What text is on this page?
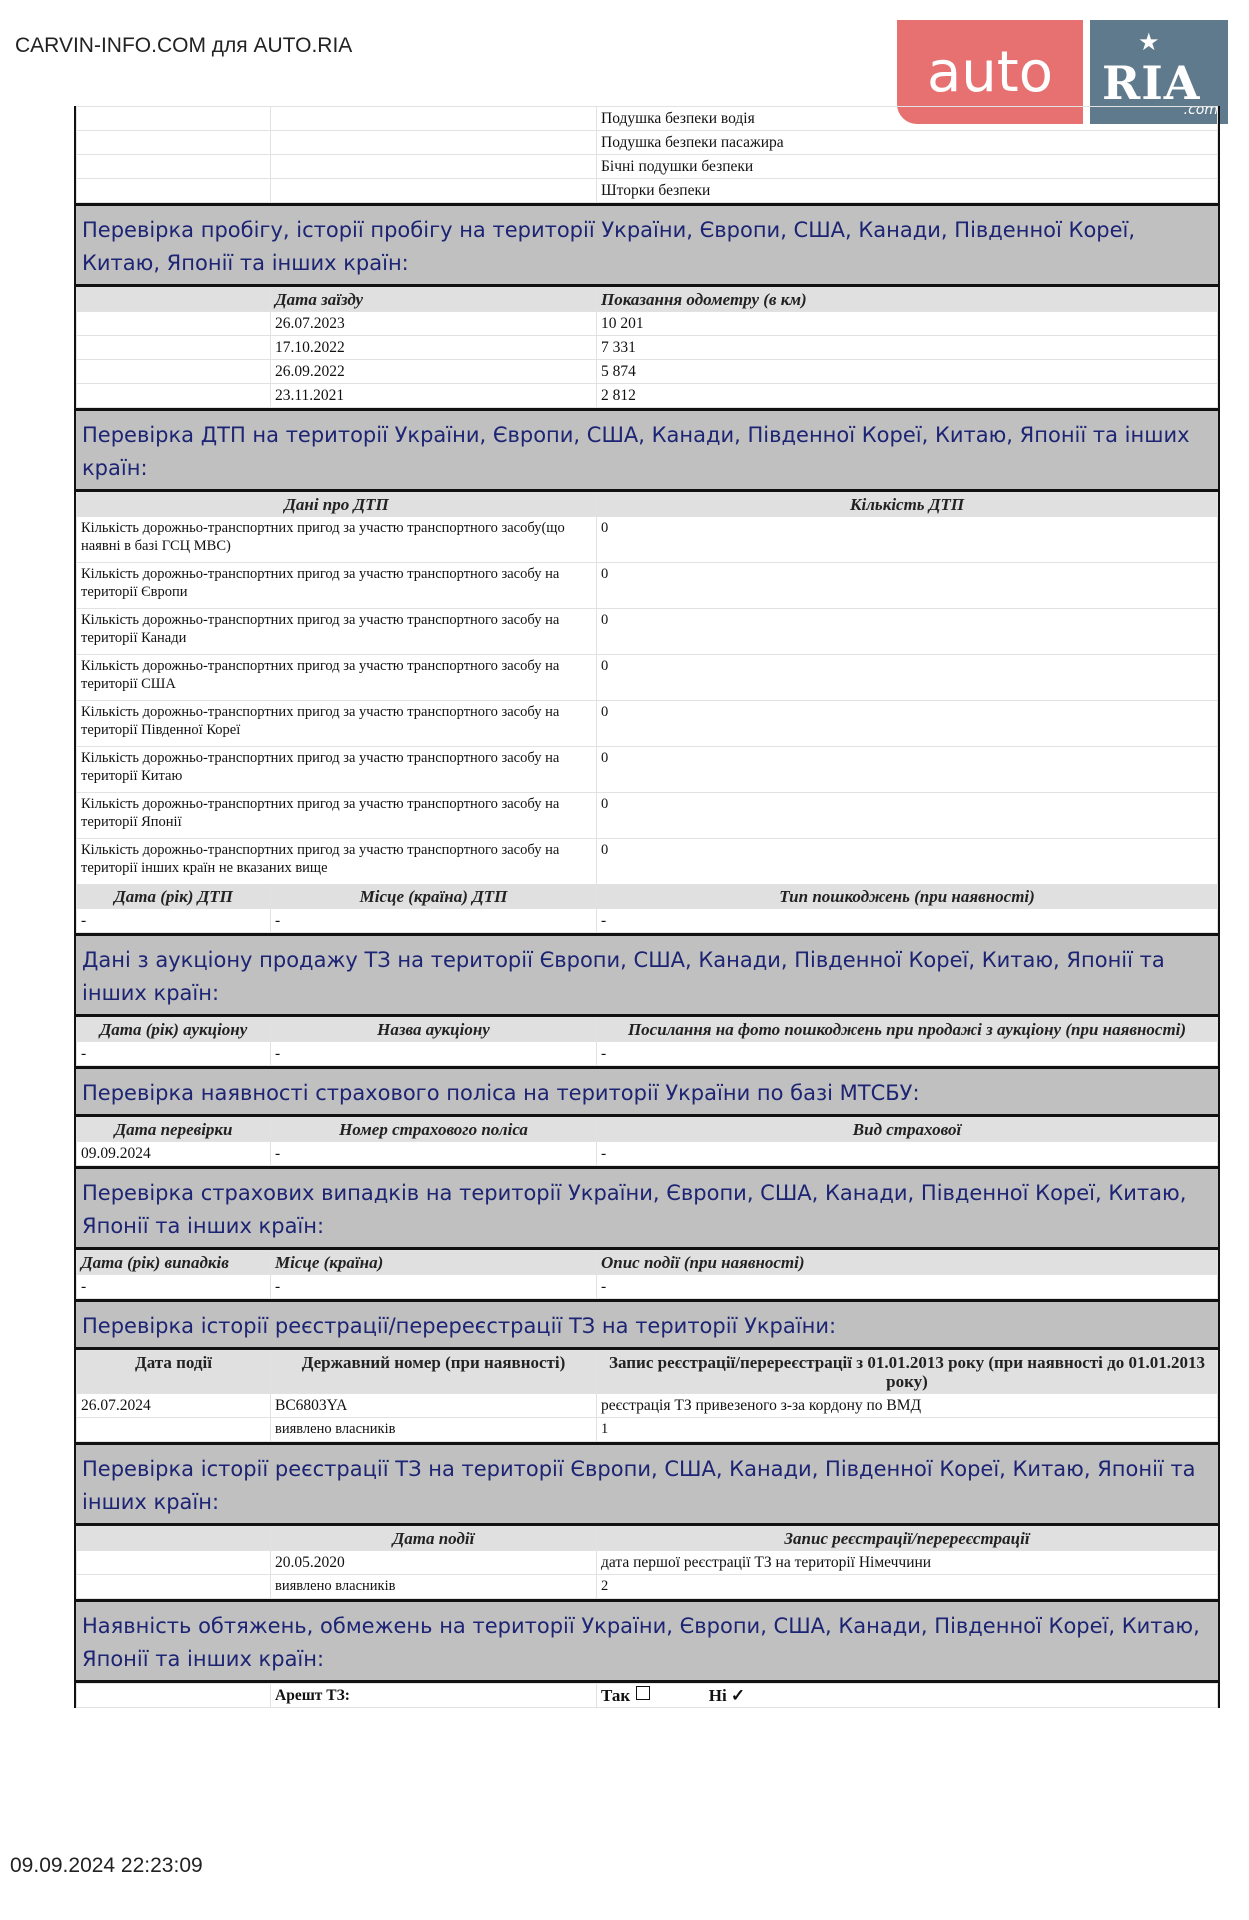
CARVIN-INFO.COM для AUTO.RIA	auto	★
RIA
.com
		Подушка безпеки водія
		Подушка безпеки пасажира
		Бічні подушки безпеки
		Шторки безпеки
Перевірка пробігу, історії пробігу на території України, Європи, США, Канади, Південної Кореї, Китаю, Японії та інших країн:
	Дата заїзду	Показання одометру (в км)
	26.07.2023	10 201
	17.10.2022	7 331
	26.09.2022	5 874
	23.11.2021	2 812
Перевірка ДТП на території України, Європи, США, Канади, Південної Кореї, Китаю, Японії та інших країн:
Дані про ДТП		Кількість ДТП
Кількість дорожньо-транспортних пригод за участю транспортного засобу(що наявні в базі ГСЦ МВС)		0
Кількість дорожньо-транспортних пригод за участю транспортного засобу на території Європи		0
Кількість дорожньо-транспортних пригод за участю транспортного засобу на території Канади		0
Кількість дорожньо-транспортних пригод за участю транспортного засобу на території США		0
Кількість дорожньо-транспортних пригод за участю транспортного засобу на території Південної Кореї		0
Кількість дорожньо-транспортних пригод за участю транспортного засобу на території Китаю		0
Кількість дорожньо-транспортних пригод за участю транспортного засобу на території Японії		0
Кількість дорожньо-транспортних пригод за участю транспортного засобу на території інших країн не вказаних вище		0
Дата (рік) ДТП	Місце (країна) ДТП	Тип пошкоджень (при наявності)
-	-	-
Дані з аукціону продажу ТЗ на території Європи, США, Канади, Південної Кореї, Китаю, Японії та інших країн:
Дата (рік) аукціону	Назва аукціону	Посилання на фото пошкоджень при продажі з аукціону (при наявності)
-	-	-
Перевірка наявності страхового поліса на території України по базі МТСБУ:
Дата перевірки	Номер страхового поліса	Вид страхової
09.09.2024	-	-
Перевірка страхових випадків на території України, Європи, США, Канади, Південної Кореї, Китаю, Японії та інших країн:
Дата (рік) випадків	Місце (країна)	Опис події (при наявності)
-	-	-
Перевірка історії реєстрації/перереєстрації ТЗ на території України:
Дата події	Державний номер (при наявності)	Запис реєстрації/перереєстрації з 01.01.2013 року (при наявності до 01.01.2013 року)
26.07.2024	BC6803YA	реєстрація ТЗ привезеного з-за кордону по ВМД
	виявлено власників	1
Перевірка історії реєстрації ТЗ на території Європи, США, Канади, Південної Кореї, Китаю, Японії та інших країн:
	Дата події	Запис реєстрації/перереєстрації
	20.05.2020	дата першої реєстрації ТЗ на території Німеччини
	виявлено власників	2
Наявність обтяжень, обмежень на території України, Європи, США, Канади, Південної Кореї, Китаю, Японії та інших країн:
	Арешт ТЗ:	Так	Ні ✓
09.09.2024 22:23:09
